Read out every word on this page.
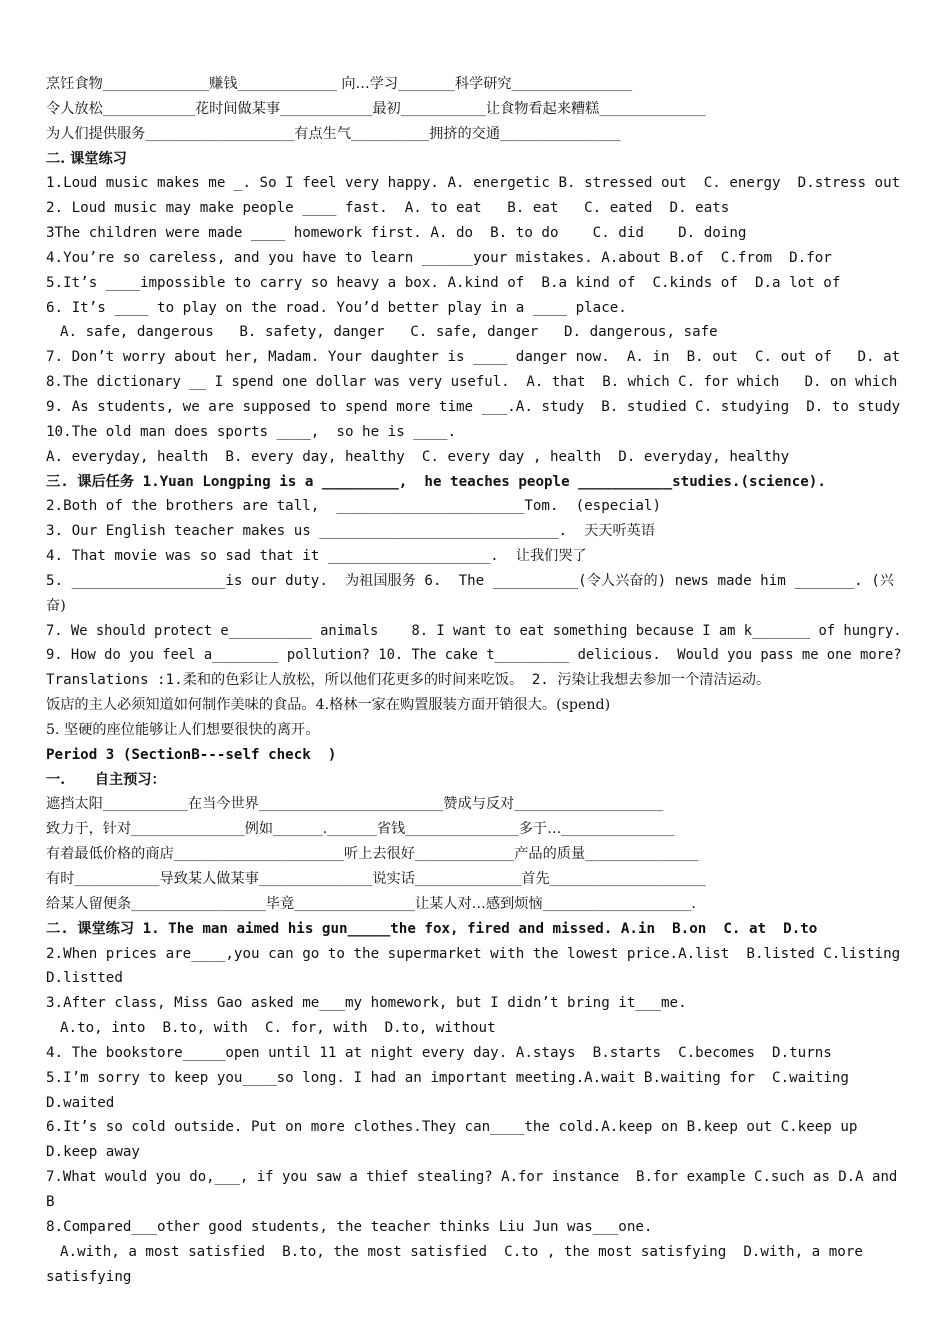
烹饪食物_______________赚钱______________ 向…学习________科学研究_________________
令人放松_____________花时间做某事_____________最初____________让食物看起来糟糕_______________
为人们提供服务_____________________有点生气___________拥挤的交通_________________
二. 课堂练习
1.Loud music makes me _. So I feel very happy. A. energetic B. stressed out  C. energy  D.stress out
2. Loud music may make people ____ fast.  A. to eat   B. eat   C. eated  D. eats
3The children were made ____ homework first. A. do  B. to do    C. did    D. doing
4.You’re so careless, and you have to learn ______your mistakes. A.about B.of  C.from  D.for
5.It’s ____impossible to carry so heavy a box. A.kind of  B.a kind of  C.kinds of  D.a lot of
6. It’s ____ to play on the road. You’d better play in a ____ place.
A. safe, dangerous   B. safety, danger   C. safe, danger   D. dangerous, safe
7. Don’t worry about her, Madam. Your daughter is ____ danger now.  A. in  B. out  C. out of   D. at
8.The dictionary __ I spend one dollar was very useful.  A. that  B. which C. for which   D. on which
9. As students, we are supposed to spend more time ___.A. study  B. studied C. studying  D. to study
10.The old man does sports ____,  so he is ____.
A. everyday, health  B. every day, healthy  C. every day , health  D. everyday, healthy
三. 课后任务 1.Yuan Longping is a _________,  he teaches people ___________studies.(science).
2.Both of the brothers are tall,  ______________________Tom.  (especial)
3. Our English teacher makes us ____________________________.  天天听英语
4. That movie was so sad that it ___________________.  让我们哭了
5. __________________is our duty.  为祖国服务 6.  The __________(令人兴奋的) news made him _______. (兴
奋)
7. We should protect e__________ animals    8. I want to eat something because I am k_______ of hungry.
9. How do you feel a________ pollution? 10. The cake t_________ delicious.  Would you pass me one more?
Translations :1.柔和的色彩让人放松，所以他们花更多的时间来吃饭。 2. 污染让我想去参加一个清洁运动。
饭店的主人必须知道如何制作美味的食品。4.格林一家在购置服装方面开销很大。(spend)
5. 坚硬的座位能够让人们想要很快的离开。
Period 3 (SectionB---self check  )
一.      自主预习：
遮挡太阳____________在当今世界__________________________赞成与反对_____________________
致力于，针对________________例如_______._______省钱________________多于…________________
有着最低价格的商店________________________听上去很好______________产品的质量________________
有时____________导致某人做某事________________说实话_______________首先______________________
给某人留便条___________________毕竟_________________让某人对…感到烦恼_____________________.
二. 课堂练习 1. The man aimed his gun_____the fox, fired and missed. A.in  B.on  C. at  D.to
2.When prices are____,you can go to the supermarket with the lowest price.A.list  B.listed C.listing
D.listted
3.After class, Miss Gao asked me___my homework, but I didn’t bring it___me.
A.to, into  B.to, with  C. for, with  D.to, without
4. The bookstore_____open until 11 at night every day. A.stays  B.starts  C.becomes  D.turns
5.I’m sorry to keep you____so long. I had an important meeting.A.wait B.waiting for  C.waiting
D.waited
6.It’s so cold outside. Put on more clothes.They can____the cold.A.keep on B.keep out C.keep up
D.keep away
7.What would you do,___, if you saw a thief stealing? A.for instance  B.for example C.such as D.A and
B
8.Compared___other good students, the teacher thinks Liu Jun was___one.
A.with, a most satisfied  B.to, the most satisfied  C.to , the most satisfying  D.with, a more
satisfying
